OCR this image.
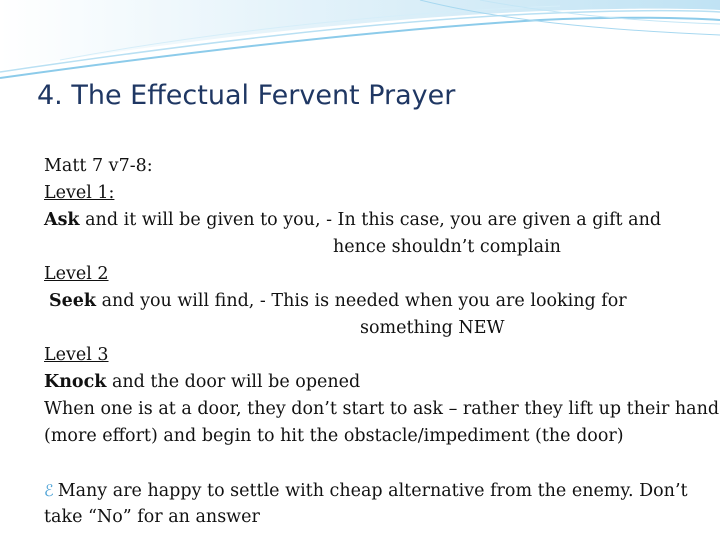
4. The Effectual Fervent Prayer
Matt 7 v7-8:
Level 1:
Ask and it will be given to you, - In this case, you are given a gift and
hence shouldn’t complain
Level 2
Seek and you will find, - This is needed when you are looking for
something NEW
Level 3
Knock and the door will be opened
When one is at a door, they don’t start to ask – rather they lift up their hand
(more effort) and begin to hit the obstacle/impediment (the door)
ℰ Many are happy to settle with cheap alternative from the enemy. Don’t
take “No” for an answer
